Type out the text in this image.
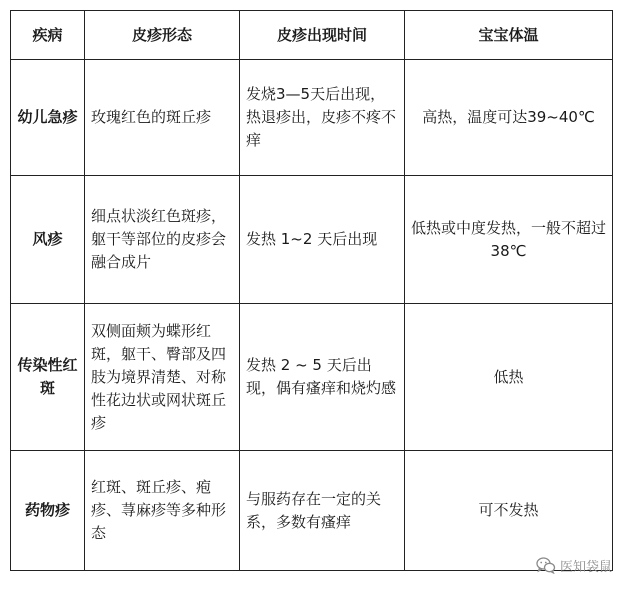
疾病	皮疹形态	皮疹出现时间	宝宝体温
幼儿急疹	玫瑰红色的斑丘疹	发烧3—5天后出现，热退疹出，皮疹不疼不痒	高热，温度可达39~40℃
风疹	细点状淡红色斑疹，躯干等部位的皮疹会融合成片	发热 1~2 天后出现	低热或中度发热，一般不超过38℃
传染性红斑	双侧面颊为蝶形红斑，躯干、臀部及四肢为境界清楚、对称性花边状或网状斑丘疹	发热 2 ~ 5 天后出现，偶有瘙痒和烧灼感	低热
药物疹	红斑、斑丘疹、疱疹、荨麻疹等多种形态	与服药存在一定的关系，多数有瘙痒	可不发热
医知袋鼠
